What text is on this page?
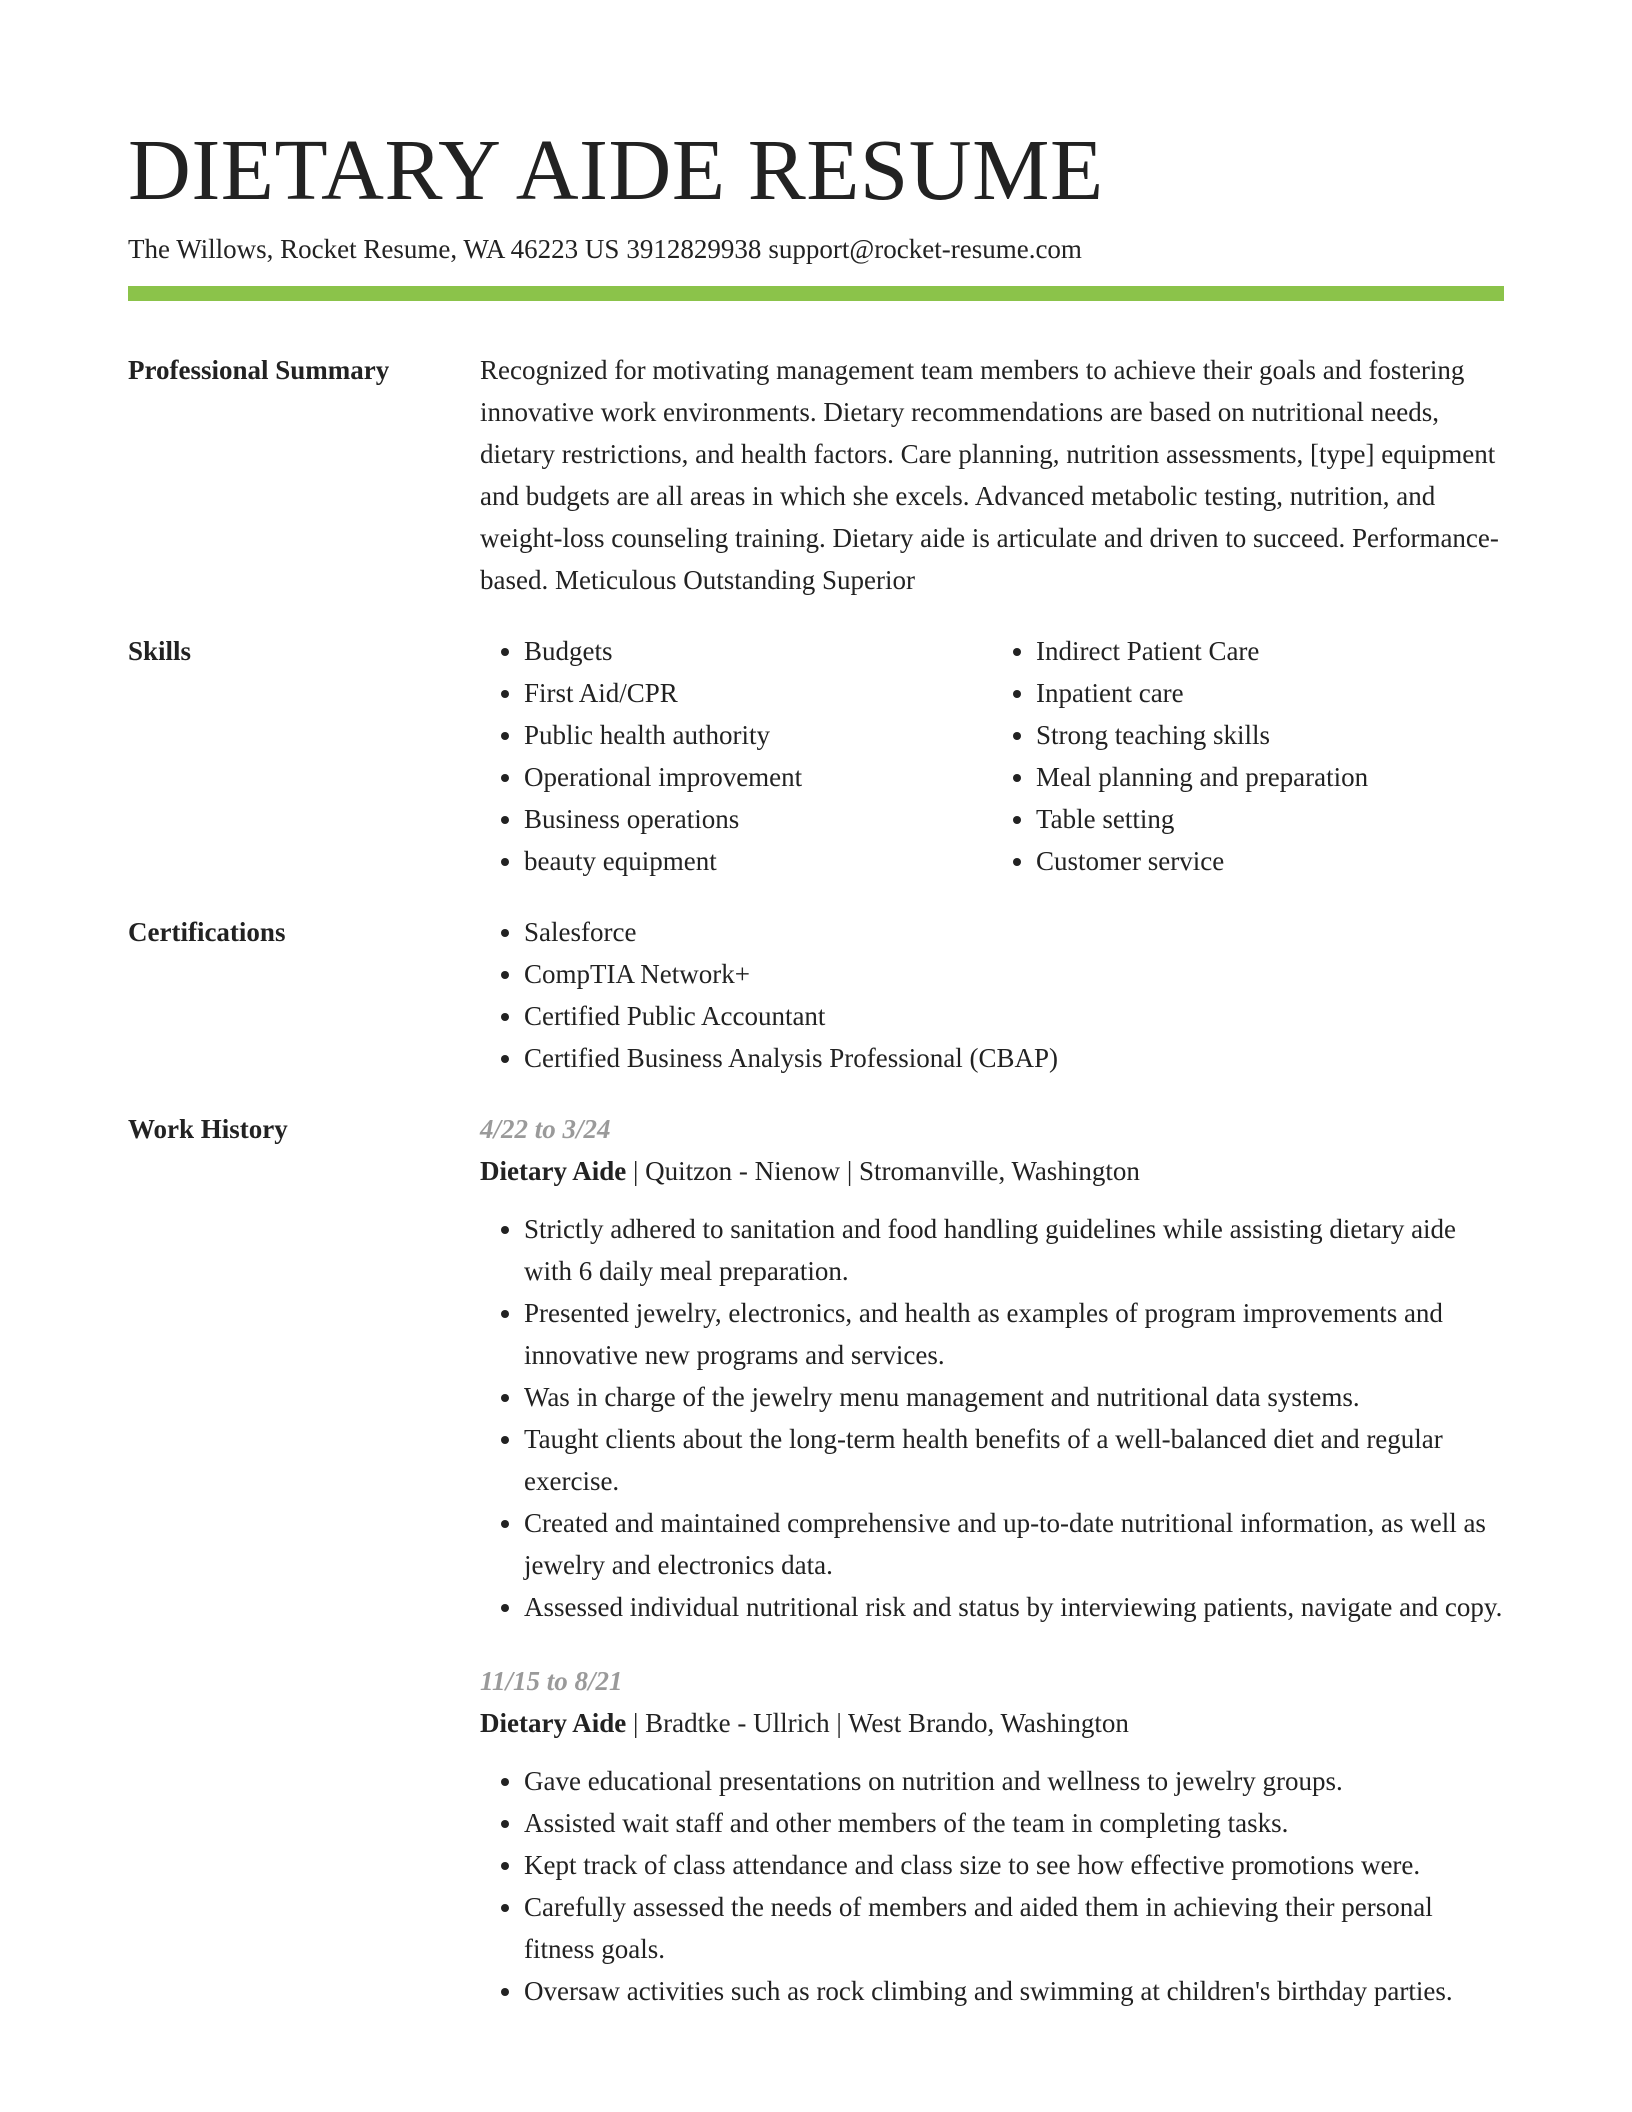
DIETARY AIDE RESUME
The Willows, Rocket Resume, WA 46223 US 3912829938 support@rocket-resume.com
Professional Summary	Recognized for motivating management team members to achieve their goals and fostering innovative work environments. Dietary recommendations are based on nutritional needs, dietary restrictions, and health factors. Care planning, nutrition assessments, [type] equipment and budgets are all areas in which she excels. Advanced metabolic testing, nutrition, and weight-loss counseling training. Dietary aide is articulate and driven to succeed. Performance-based. Meticulous Outstanding Superior

Skills	• Budgets
• First Aid/CPR
• Public health authority
• Operational improvement
• Business operations
• beauty equipment
• Indirect Patient Care
• Inpatient care
• Strong teaching skills
• Meal planning and preparation
• Table setting
• Customer service
Certifications	• Salesforce
• CompTIA Network+
• Certified Public Accountant
• Certified Business Analysis Professional (CBAP)
Work History	4/22 to 3/24
Dietary Aide | Quitzon - Nienow | Stromanville, Washington
• Strictly adhered to sanitation and food handling guidelines while assisting dietary aide with 6 daily meal preparation.
• Presented jewelry, electronics, and health as examples of program improvements and innovative new programs and services.
• Was in charge of the jewelry menu management and nutritional data systems.
• Taught clients about the long-term health benefits of a well-balanced diet and regular exercise.
• Created and maintained comprehensive and up-to-date nutritional information, as well as jewelry and electronics data.
• Assessed individual nutritional risk and status by interviewing patients, navigate and copy.
11/15 to 8/21
Dietary Aide | Bradtke - Ullrich | West Brando, Washington
• Gave educational presentations on nutrition and wellness to jewelry groups.
• Assisted wait staff and other members of the team in completing tasks.
• Kept track of class attendance and class size to see how effective promotions were.
• Carefully assessed the needs of members and aided them in achieving their personal fitness goals.
• Oversaw activities such as rock climbing and swimming at children's birthday parties.
